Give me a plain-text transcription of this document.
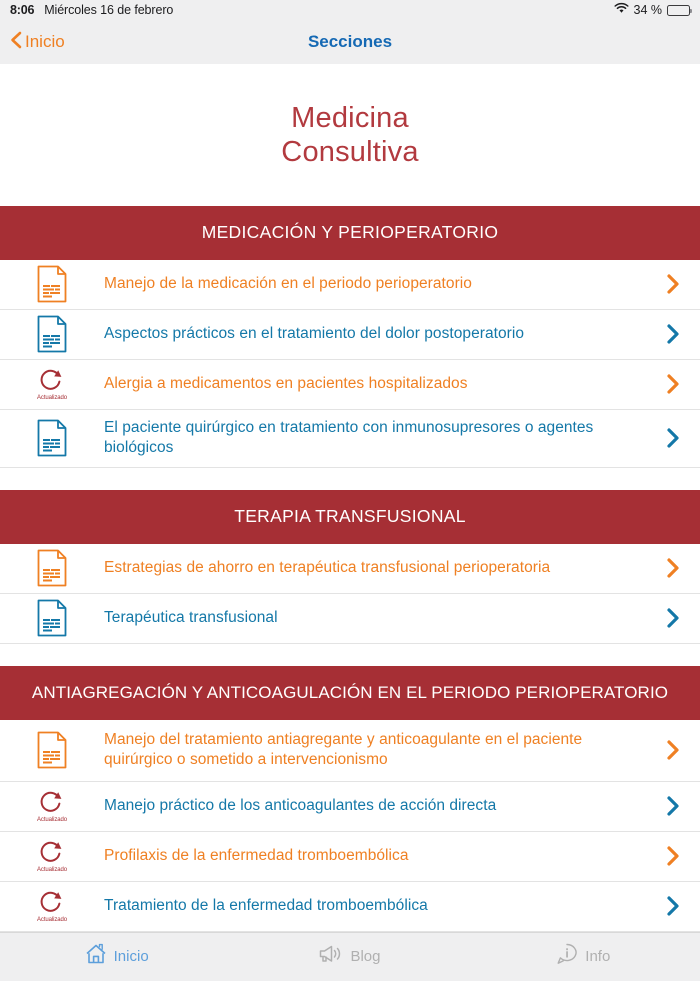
8:06 Miércoles 16 de febrero	34 %
Inicio	Secciones
Medicina
Consultiva
MEDICACIÓN Y PERIOPERATORIO
Manejo de la medicación en el periodo perioperatorio
Aspectos prácticos en el tratamiento del dolor postoperatorio
Actualizado
Alergia a medicamentos en pacientes hospitalizados
El paciente quirúrgico en tratamiento con inmunosupresores o agentes biológicos
TERAPIA TRANSFUSIONAL
Estrategias de ahorro en terapéutica transfusional perioperatoria
Terapéutica transfusional
ANTIAGREGACIÓN Y ANTICOAGULACIÓN EN EL PERIODO PERIOPERATORIO
Manejo del tratamiento antiagregante y anticoagulante en el paciente quirúrgico o sometido a intervencionismo
Actualizado
Manejo práctico de los anticoagulantes de acción directa
Actualizado
Profilaxis de la enfermedad tromboembólica
Actualizado
Tratamiento de la enfermedad tromboembólica
Inicio	Blog	Info
